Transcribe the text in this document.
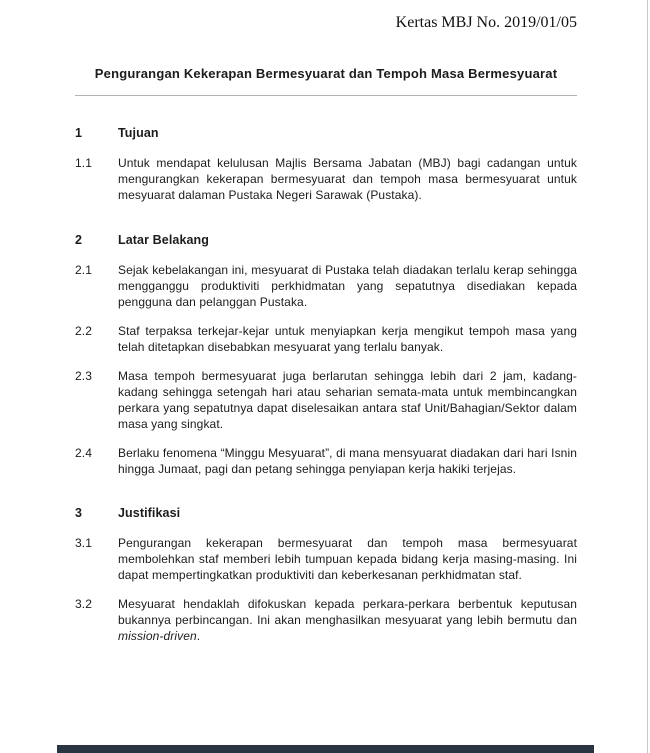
Kertas MBJ No. 2019/01/05
Pengurangan Kekerapan Bermesyuarat dan Tempoh Masa Bermesyuarat
1	Tujuan
1.1	Untuk mendapat kelulusan Majlis Bersama Jabatan (MBJ) bagi cadangan untuk mengurangkan kekerapan bermesyuarat dan tempoh masa bermesyuarat untuk mesyuarat dalaman Pustaka Negeri Sarawak (Pustaka).

2	Latar Belakang
2.1	Sejak kebelakangan ini, mesyuarat di Pustaka telah diadakan terlalu kerap sehingga mengganggu produktiviti perkhidmatan yang sepatutnya disediakan kepada pengguna dan pelanggan Pustaka.

2.2	Staf terpaksa terkejar-kejar untuk menyiapkan kerja mengikut tempoh masa yang telah ditetapkan disebabkan mesyuarat yang terlalu banyak.

2.3	Masa tempoh bermesyuarat juga berlarutan sehingga lebih dari 2 jam, kadang-kadang sehingga setengah hari atau seharian semata-mata untuk membincangkan perkara yang sepatutnya dapat diselesaikan antara staf Unit/Bahagian/Sektor dalam masa yang singkat.

2.4	Berlaku fenomena “Minggu Mesyuarat”, di mana mensyuarat diadakan dari hari Isnin hingga Jumaat, pagi dan petang sehingga penyiapan kerja hakiki terjejas.

3	Justifikasi
3.1	Pengurangan kekerapan bermesyuarat dan tempoh masa bermesyuarat membolehkan staf memberi lebih tumpuan kepada bidang kerja masing-masing. Ini dapat mempertingkatkan produktiviti dan keberkesanan perkhidmatan staf.

3.2	Mesyuarat hendaklah difokuskan kepada perkara-perkara berbentuk keputusan bukannya perbincangan. Ini akan menghasilkan mesyuarat yang lebih bermutu dan mission-driven.
